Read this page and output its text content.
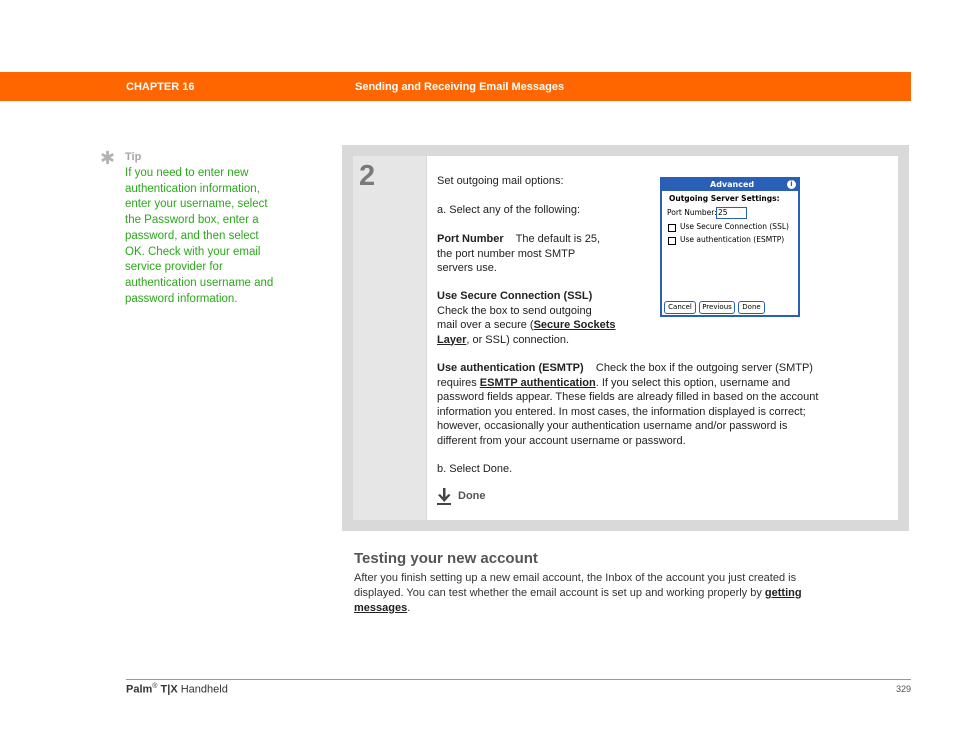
CHAPTER 16	Sending and Receiving Email Messages
✱ Tip
If you need to enter new authentication information, enter your username, select the Password box, enter a password, and then select OK. Check with your email service provider for authentication username and password information.
2	Set outgoing mail options:
a. Select any of the following:
Port Number The default is 25,
the port number most SMTP
servers use.
Use Secure Connection (SSL)
Check the box to send outgoing
mail over a secure (Secure Sockets
Layer, or SSL) connection.
Use authentication (ESMTP) Check the box if the outgoing server (SMTP)
requires ESMTP authentication. If you select this option, username and
password fields appear. These fields are already filled in based on the account
information you entered. In most cases, the information displayed is correct;
however, occasionally your authentication username and/or password is
different from your account username or password.
b. Select Done.
Done
Advanced	i
Outgoing Server Settings:
Port Number: 25
Use Secure Connection (SSL)
Use authentication (ESMTP)
Cancel	Previous	Done
Testing your new account
After you finish setting up a new email account, the Inbox of the account you just created is
displayed. You can test whether the email account is set up and working properly by getting
messages.
Palm® T|X Handheld	329
